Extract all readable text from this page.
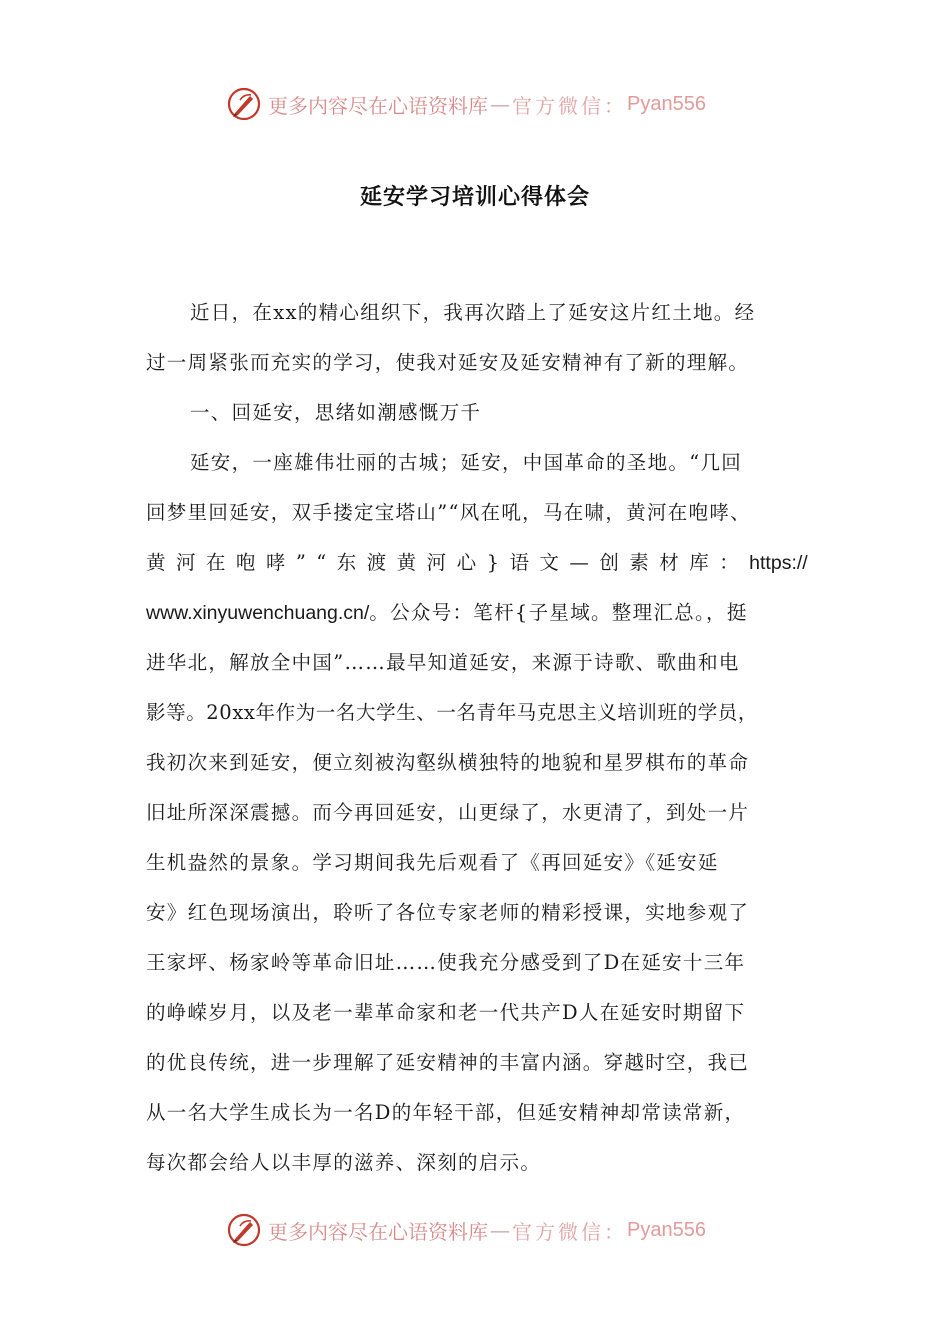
更多内容尽在心语资料库 — 官方微信： Pyan556
延安学习培训心得体会
近日，在xx的精心组织下，我再次踏上了延安这片红土地。经
过一周紧张而充实的学习，使我对延安及延安精神有了新的理解。
一、回延安，思绪如潮感慨万千
延安，一座雄伟壮丽的古城；延安，中国革命的圣地。“几回
回梦里回延安，双手搂定宝塔山”“风在吼，马在啸，黄河在咆哮、
黄 河 在 咆 哮 ” “ 东 渡 黄 河 心 } 语 文 — 创 素 材 库 ： https://
www.xinyuwenchuang.cn/。公众号：笔杆{子星域。整理汇总。，挺
进华北，解放全中国”……最早知道延安，来源于诗歌、歌曲和电
影等。20xx年作为一名大学生、一名青年马克思主义培训班的学员，
我初次来到延安，便立刻被沟壑纵横独特的地貌和星罗棋布的革命
旧址所深深震撼。而今再回延安，山更绿了，水更清了，到处一片
生机盎然的景象。学习期间我先后观看了《再回延安》《延安延
安》红色现场演出，聆听了各位专家老师的精彩授课，实地参观了
王家坪、杨家岭等革命旧址……使我充分感受到了D在延安十三年
的峥嵘岁月，以及老一辈革命家和老一代共产D人在延安时期留下
的优良传统，进一步理解了延安精神的丰富内涵。穿越时空，我已
从一名大学生成长为一名D的年轻干部，但延安精神却常读常新，
每次都会给人以丰厚的滋养、深刻的启示。
更多内容尽在心语资料库 — 官方微信： Pyan556
